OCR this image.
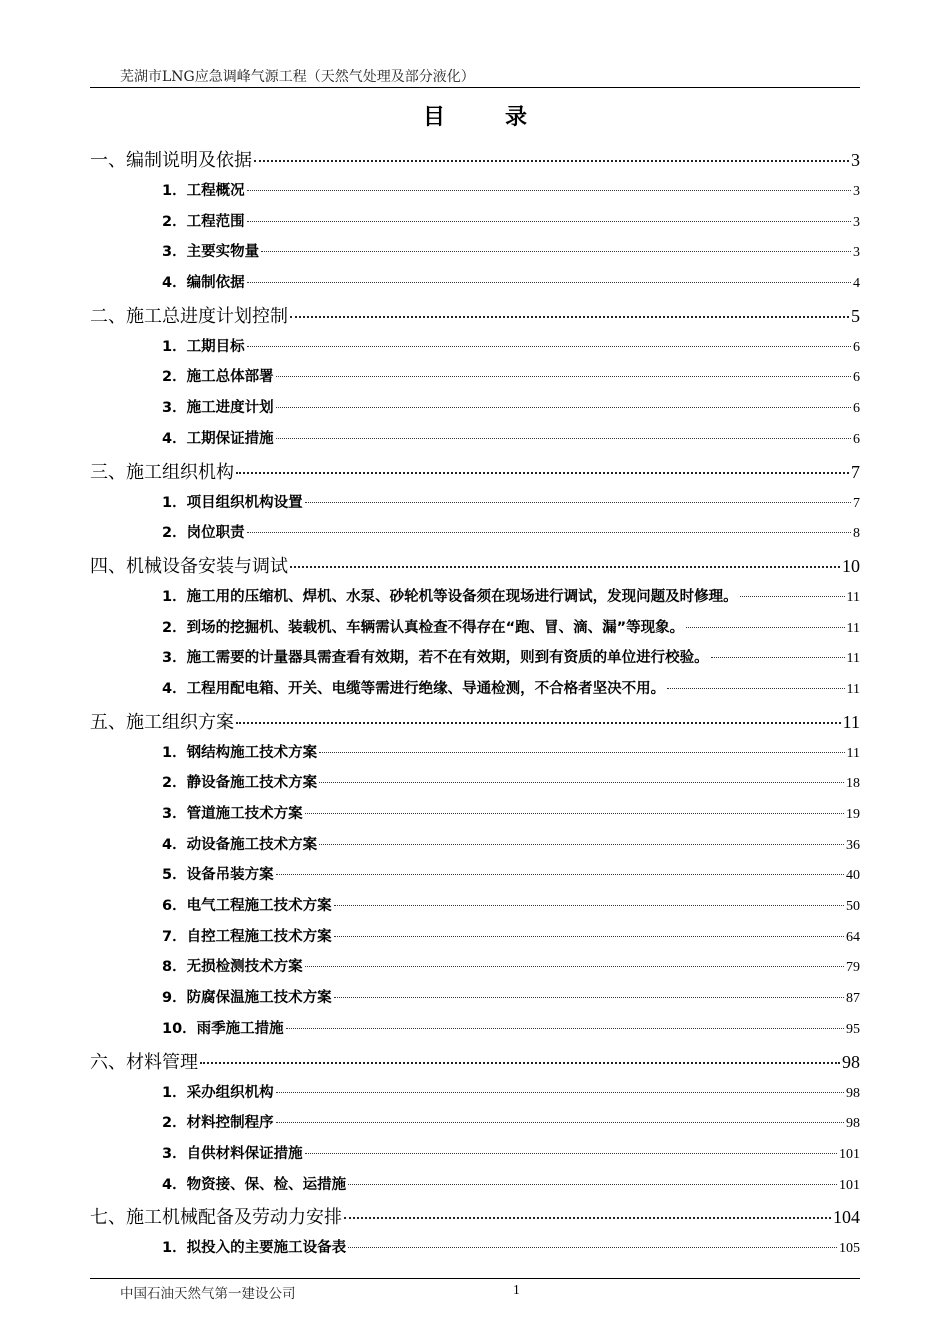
芜湖市LNG应急调峰气源工程（天然气处理及部分液化）
目录
一、编制说明及依据	3
1．工程概况	3
2．工程范围	3
3．主要实物量	3
4．编制依据	4
二、施工总进度计划控制	5
1．工期目标	6
2．施工总体部署	6
3．施工进度计划	6
4．工期保证措施	6
三、施工组织机构	7
1．项目组织机构设置	7
2．岗位职责	8
四、机械设备安装与调试	10
1．施工用的压缩机、焊机、水泵、砂轮机等设备须在现场进行调试，发现问题及时修理。	11
2．到场的挖掘机、装载机、车辆需认真检查不得存在“跑、冒、滴、漏”等现象。	11
3．施工需要的计量器具需查看有效期，若不在有效期，则到有资质的单位进行校验。	11
4．工程用配电箱、开关、电缆等需进行绝缘、导通检测，不合格者坚决不用。	11
五、施工组织方案	11
1．钢结构施工技术方案	11
2．静设备施工技术方案	18
3．管道施工技术方案	19
4．动设备施工技术方案	36
5．设备吊装方案	40
6．电气工程施工技术方案	50
7．自控工程施工技术方案	64
8．无损检测技术方案	79
9．防腐保温施工技术方案	87
10．雨季施工措施	95
六、材料管理	98
1．采办组织机构	98
2．材料控制程序	98
3．自供材料保证措施	101
4．物资接、保、检、运措施	101
七、施工机械配备及劳动力安排	104
1．拟投入的主要施工设备表	105
中国石油天然气第一建设公司	1
